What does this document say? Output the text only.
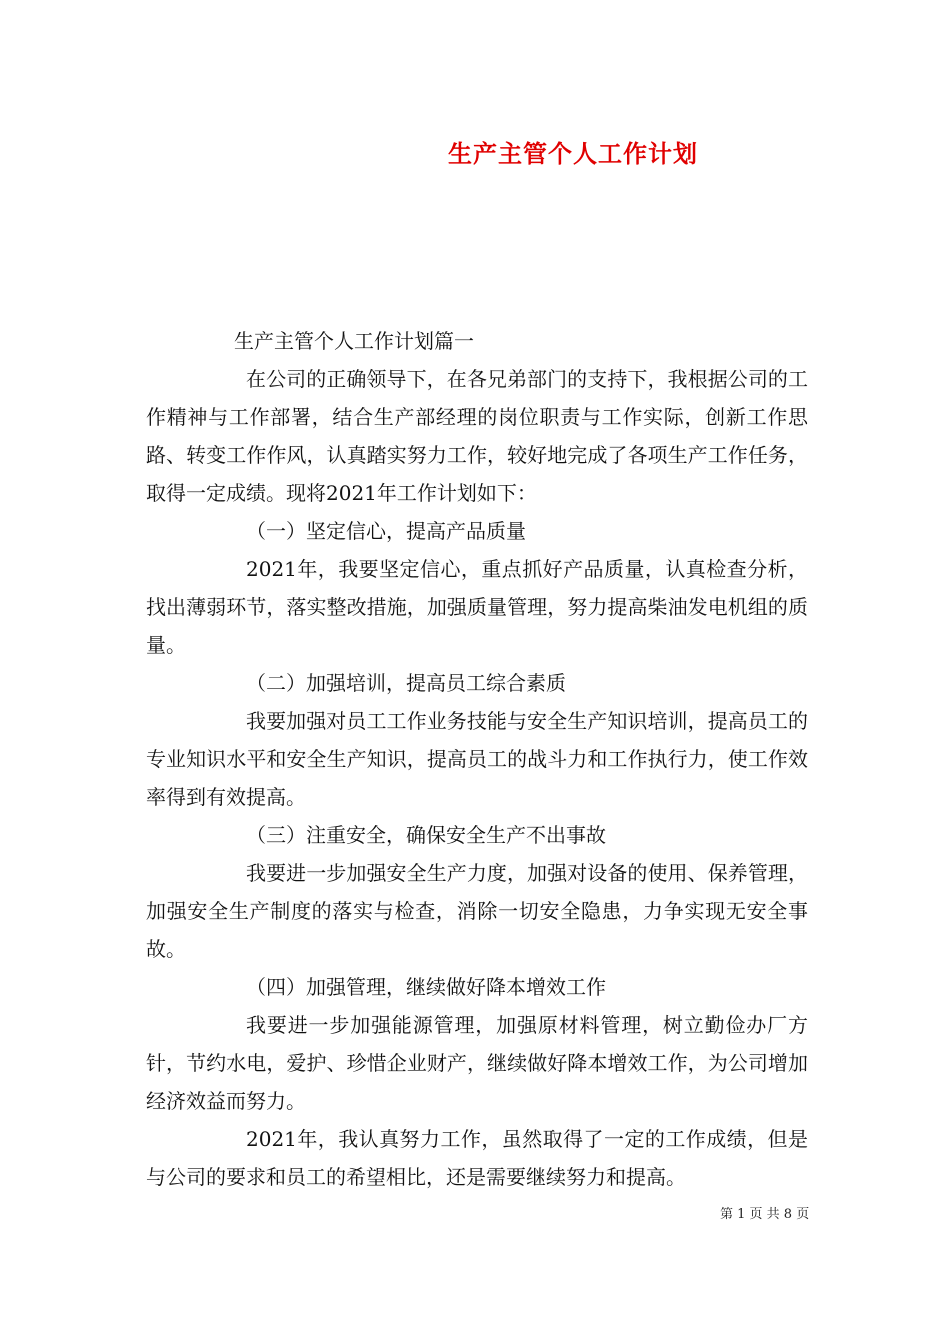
生产主管个人工作计划

生产主管个人工作计划篇一

在公司的正确领导下，在各兄弟部门的支持下，我根据公司的工作精神与工作部署，结合生产部经理的岗位职责与工作实际，创新工作思路、转变工作作风，认真踏实努力工作，较好地完成了各项生产工作任务，取得一定成绩。现将2021年工作计划如下：

（一）坚定信心，提高产品质量

2021年，我要坚定信心，重点抓好产品质量，认真检查分析，找出薄弱环节，落实整改措施，加强质量管理，努力提高柴油发电机组的质量。

（二）加强培训，提高员工综合素质

我要加强对员工工作业务技能与安全生产知识培训，提高员工的专业知识水平和安全生产知识，提高员工的战斗力和工作执行力，使工作效率得到有效提高。

（三）注重安全，确保安全生产不出事故

我要进一步加强安全生产力度，加强对设备的使用、保养管理，加强安全生产制度的落实与检查，消除一切安全隐患，力争实现无安全事故。

（四）加强管理，继续做好降本增效工作

我要进一步加强能源管理，加强原材料管理，树立勤俭办厂方针，节约水电，爱护、珍惜企业财产，继续做好降本增效工作，为公司增加经济效益而努力。

2021年，我认真努力工作，虽然取得了一定的工作成绩，但是与公司的要求和员工的希望相比，还是需要继续努力和提高。

第 1 页 共 8 页
